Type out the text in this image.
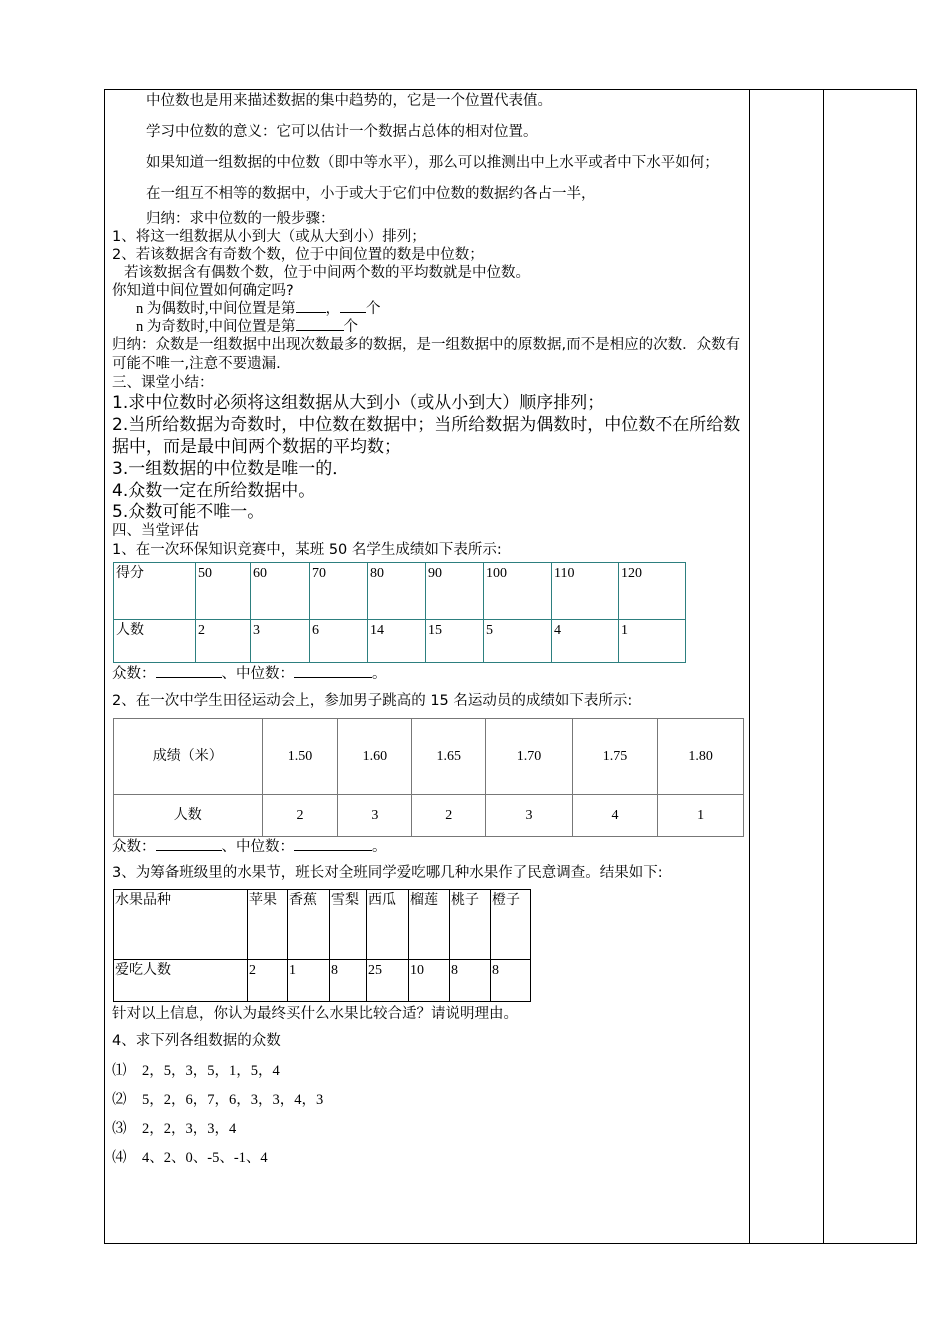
中位数也是用来描述数据的集中趋势的，它是一个位置代表值。

学习中位数的意义：它可以估计一个数据占总体的相对位置。

如果知道一组数据的中位数（即中等水平），那么可以推测出中上水平或者中下水平如何；

在一组互不相等的数据中，小于或大于它们中位数的数据约各占一半，

归纳：求中位数的一般步骤：

1、将这一组数据从小到大（或从大到小）排列；

2、若该数据含有奇数个数，位于中间位置的数是中位数；

若该数据含有偶数个数，位于中间两个数的平均数就是中位数。

你知道中间位置如何确定吗?

n 为偶数时,中间位置是第 ， 个

n 为奇数时,中间位置是第	个

归纳：众数是一组数据中出现次数最多的数据，是一组数据中的原数据,而不是相应的次数．众数有可能不唯一,注意不要遗漏.

三、课堂小结：

1.求中位数时必须将这组数据从大到小（或从小到大）顺序排列；

2.当所给数据为奇数时，中位数在数据中；当所给数据为偶数时，中位数不在所给数据中，而是最中间两个数据的平均数；

3.一组数据的中位数是唯一的．

4.众数一定在所给数据中。

5.众数可能不唯一。

四、当堂评估

1、在一次环保知识竞赛中，某班 50 名学生成绩如下表所示:

得分	50	60	70	80	90	100	110	120
人数	2	3	6	14	15	5	4	1

众数：	、中位数：	。

2、在一次中学生田径运动会上，参加男子跳高的 15 名运动员的成绩如下表所示:

成绩（米）	1.50	1.60	1.65	1.70	1.75	1.80
人数	2	3	2	3	4	1

众数：	、中位数：	。

3、为筹备班级里的水果节，班长对全班同学爱吃哪几种水果作了民意调查。结果如下:

水果品种	苹果	香蕉	雪梨	西瓜	榴莲	桃子	橙子
爱吃人数	2	1	8	25	10	8	8

针对以上信息，你认为最终买什么水果比较合适？请说明理由。

4、求下列各组数据的众数

⑴ 2，5，3，5，1，5，4

⑵ 5，2，6，7，6，3，3，4，3

⑶ 2，2，3，3，4

⑷ 4、2、0、-5、-1、4
